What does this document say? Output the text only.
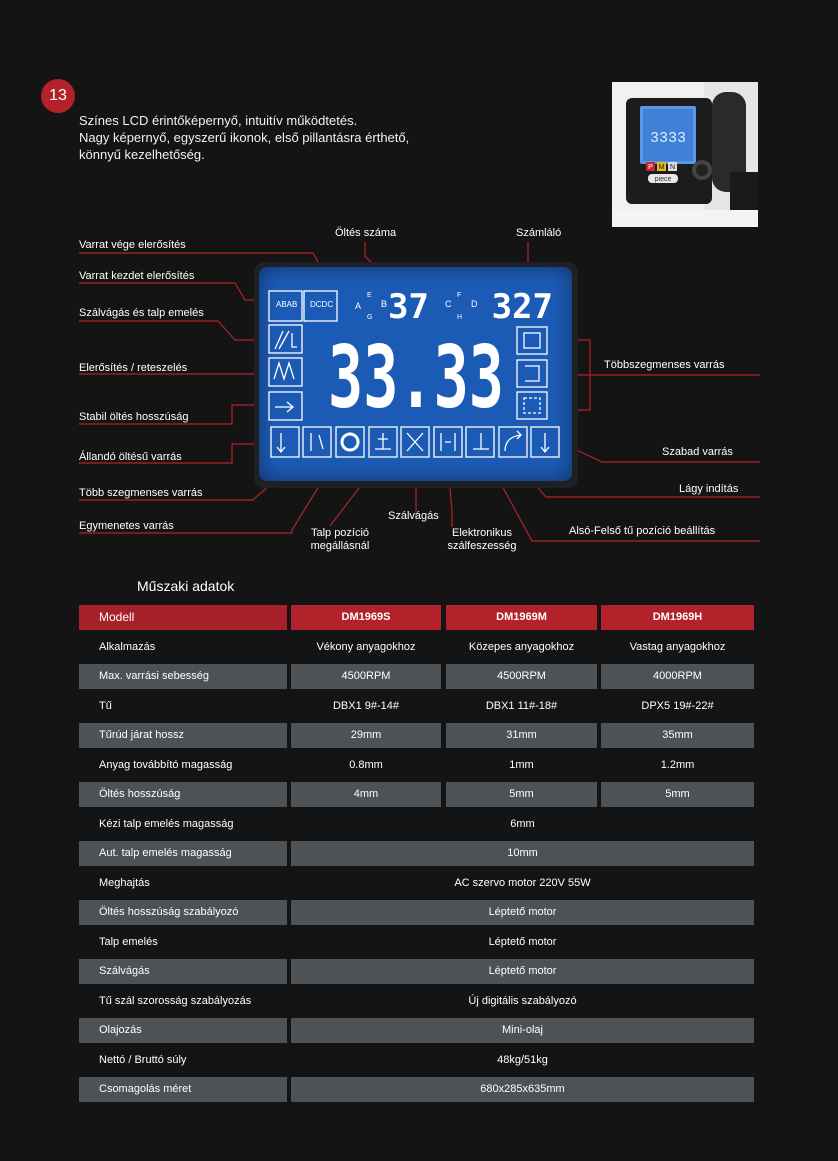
13
Színes LCD érintőképernyő, intuitív működtetés.
Nagy képernyő, egyszerű ikonok, első pillantásra érthető,
könnyű kezelhetőség.
3333
P M N
piece
ABAB DCDC A B	C D
E	F
G	H
37 327
33.33
Varrat vége elerősítés
Varrat kezdet elerősítés
Szálvágás és talp emelés
Elerősítés / reteszelés
Stabil öltés hosszúság
Állandó öltésű varrás
Több szegmenses varrás
Egymenetes varrás
Öltés száma	Számláló
Többszegmenses varrás
Szabad varrás
Lágy indítás
Alsó-Felső tű pozíció beállítás
Talp pozíció
megállásnál
Szálvágás
Elektronikus
szálfeszesség
Műszaki adatok
Modell	DM1969S	DM1969M	DM1969H
Alkalmazás	Vékony anyagokhoz	Közepes anyagokhoz	Vastag anyagokhoz
Max. varrási sebesség	4500RPM	4500RPM	4000RPM
Tű	DBX1 9#-14#	DBX1 11#-18#	DPX5 19#-22#
Tűrúd járat hossz	29mm	31mm	35mm
Anyag továbbító magasság	0.8mm	1mm	1.2mm
Öltés hosszúság	4mm	5mm	5mm
Kézi talp emelés magasság	6mm
Aut. talp emelés magasság	10mm
Meghajtás	AC szervo motor 220V 55W
Öltés hosszúság szabályozó	Léptető motor
Talp emelés	Léptető motor
Szálvágás	Léptető motor
Tű szál szorosság szabályozás	Új digitális szabályozó
Olajozás	Mini-olaj
Nettó / Bruttó súly	48kg/51kg
Csomagolás méret	680x285x635mm
